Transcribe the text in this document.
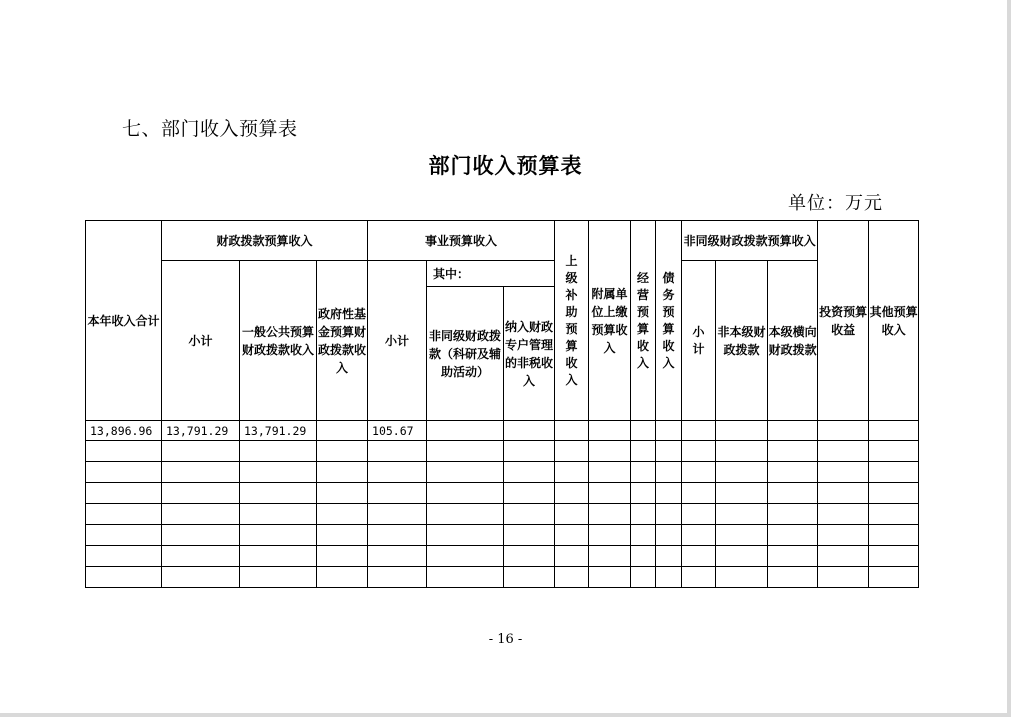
七、部门收入预算表
部门收入预算表
单位：万元
本年收入合计	财政拨款预算收入			事业预算收入			上级补助预算收入	附属单位上缴预算收入	经营预算收入	债务预算收入	非同级财政拨款预算收入			投资预算收益	其他预算收入
	小计	一般公共预算财政拨款收入	政府性基金预算财政拨款收入	小计	其中：						小计	非本级财政拨款	本级横向财政拨款		
					非同级财政拨款（科研及辅助活动）	纳入财政专户管理的非税收入									
13,896.96	13,791.29	13,791.29		105.67											

- 16 -
